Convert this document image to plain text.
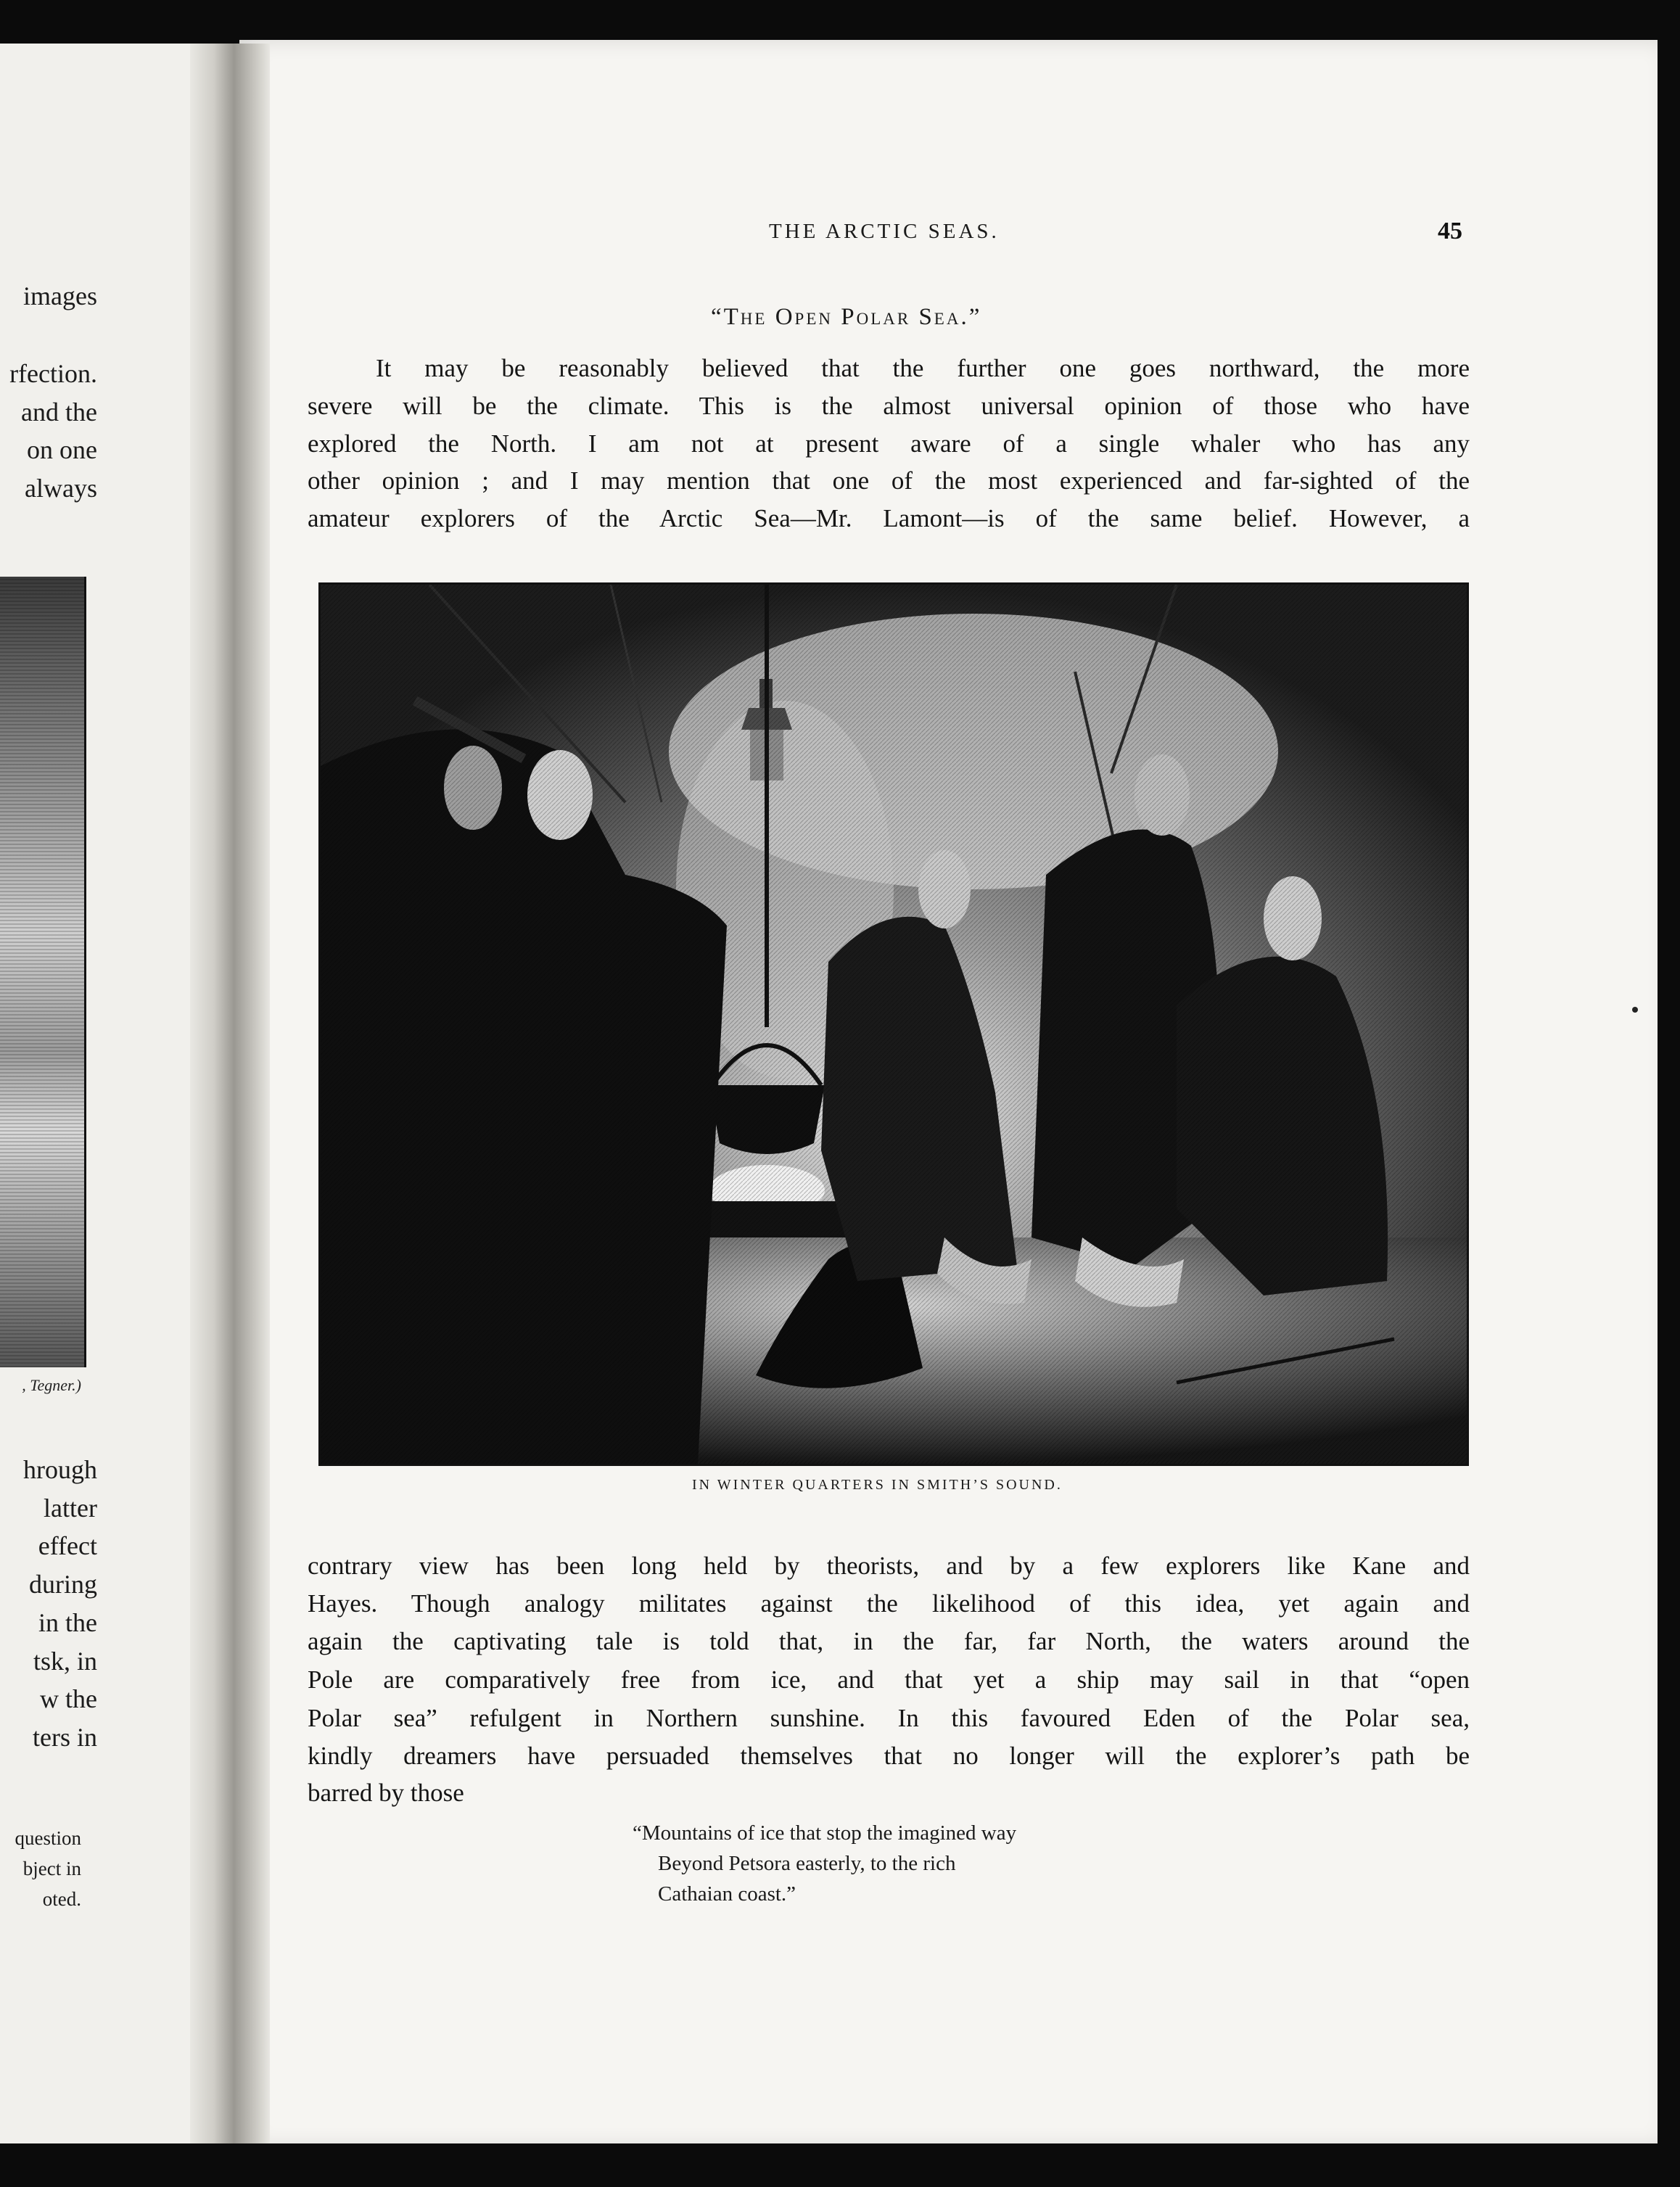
images
rfection.
and the
on one
always
, Tegner.)
hrough
latter
effect
during
in the
tsk, in
w the
ters in
question
bject in
oted.
THE ARCTIC SEAS.	45
“The Open Polar Sea.”
It may be reasonably believed that the further one goes northward, the more
severe will be the climate. This is the almost universal opinion of those who have
explored the North. I am not at present aware of a single whaler who has any
other opinion ; and I may mention that one of the most experienced and far-sighted of the
amateur explorers of the Arctic Sea—Mr. Lamont—is of the same belief. However, a
IN WINTER QUARTERS IN SMITH’S SOUND.
contrary view has been long held by theorists, and by a few explorers like Kane and
Hayes. Though analogy militates against the likelihood of this idea, yet again and
again the captivating tale is told that, in the far, far North, the waters around the
Pole are comparatively free from ice, and that yet a ship may sail in that “open
Polar sea” refulgent in Northern sunshine. In this favoured Eden of the Polar sea,
kindly dreamers have persuaded themselves that no longer will the explorer’s path be
barred by those
“Mountains of ice that stop the imagined way
Beyond Petsora easterly, to the rich
Cathaian coast.”
